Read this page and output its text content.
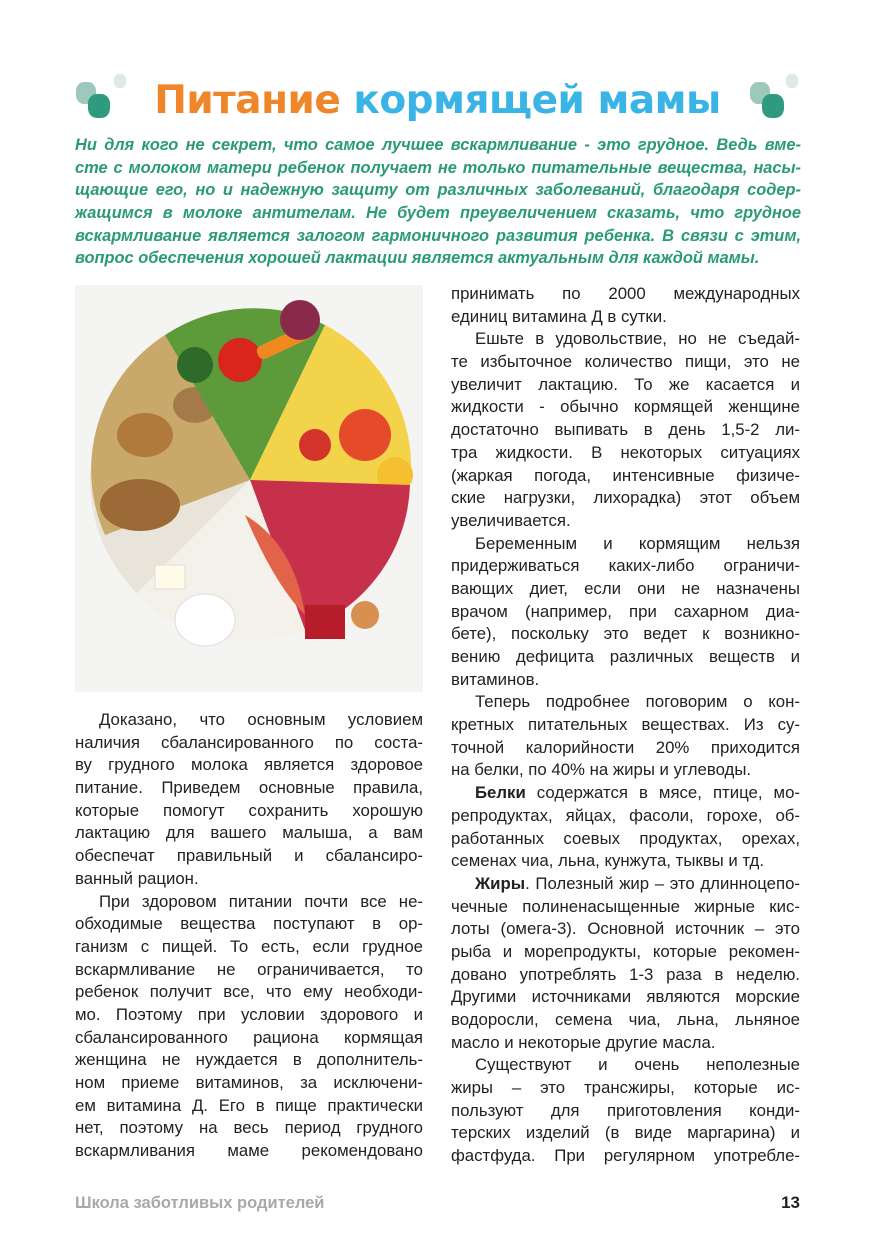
Питание кормящей мамы
Ни для кого не секрет, что самое лучшее вскармливание - это грудное. Ведь вме-
сте с молоком матери ребенок получает не только питательные вещества, насы-
щающие его, но и надежную защиту от различных заболеваний, благодаря содер-
жащимся в молоке антителам. Не будет преувеличением сказать, что грудное
вскармливание является залогом гармоничного развития ребенка. В связи с этим,
вопрос обеспечения хорошей лактации является актуальным для каждой мамы.
Доказано, что основным условием
наличия сбалансированного по соста-
ву грудного молока является здоровое
питание. Приведем основные правила,
которые помогут сохранить хорошую
лактацию для вашего малыша, а вам
обеспечат правильный и сбалансиро-
ванный рацион.
При здоровом питании почти все не-
обходимые вещества поступают в ор-
ганизм с пищей. То есть, если грудное
вскармливание не ограничивается, то
ребенок получит все, что ему необходи-
мо. Поэтому при условии здорового и
сбалансированного рациона кормящая
женщина не нуждается в дополнитель-
ном приеме витаминов, за исключени-
ем витамина Д. Его в пище практически
нет, поэтому на весь период грудного
вскармливания маме рекомендовано
принимать по 2000 международных
единиц витамина Д в сутки.
Ешьте в удовольствие, но не съедай-
те избыточное количество пищи, это не
увеличит лактацию. То же касается и
жидкости - обычно кормящей женщине
достаточно выпивать в день 1,5-2 ли-
тра жидкости. В некоторых ситуациях
(жаркая погода, интенсивные физиче-
ские нагрузки, лихорадка) этот объем
увеличивается.
Беременным и кормящим нельзя
придерживаться каких-либо ограничи-
вающих диет, если они не назначены
врачом (например, при сахарном диа-
бете), поскольку это ведет к возникно-
вению дефицита различных веществ и
витаминов.
Теперь подробнее поговорим о кон-
кретных питательных веществах. Из су-
точной калорийности 20% приходится
на белки, по 40% на жиры и углеводы.
Белки содержатся в мясе, птице, мо-
репродуктах, яйцах, фасоли, горохе, об-
работанных соевых продуктах, орехах,
семенах чиа, льна, кунжута, тыквы и тд.
Жиры. Полезный жир – это длинноцепо-
чечные полиненасыщенные жирные кис-
лоты (омега-3). Основной источник – это
рыба и морепродукты, которые рекомен-
довано употреблять 1-3 раза в неделю.
Другими источниками являются морские
водоросли, семена чиа, льна, льняное
масло и некоторые другие масла.
Существуют и очень неполезные
жиры – это трансжиры, которые ис-
пользуют для приготовления конди-
терских изделий (в виде маргарина) и
фастфуда. При регулярном употребле-
Школа заботливых родителей	13
